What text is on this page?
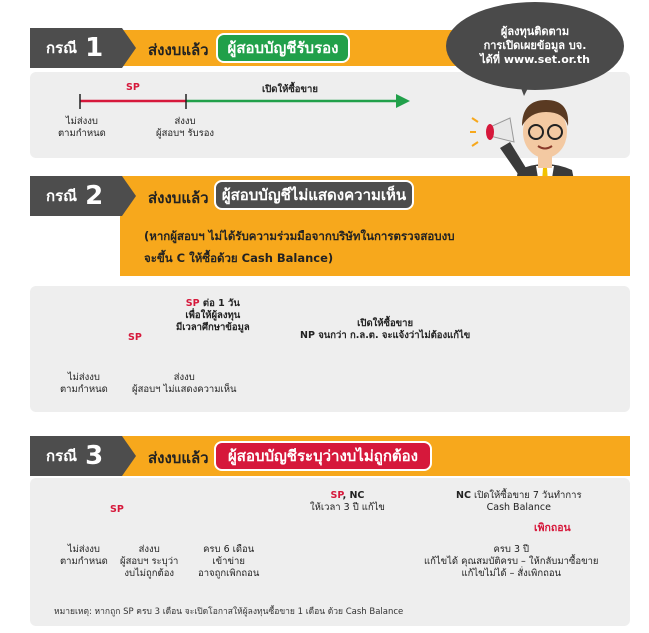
กรณี 1	ส่งงบแล้ว	ผู้สอบบัญชีรับรอง
SP	เปิดให้ซื้อขาย
ไม่ส่งงบ
ตามกำหนด
ส่งงบ
ผู้สอบฯ รับรอง
ผู้ลงทุนติดตาม
การเปิดเผยข้อมูล บจ.
ได้ที่ www.set.or.th
กรณี 2	ส่งงบแล้ว ผู้สอบบัญชีไม่แสดงความเห็น
(หากผู้สอบฯ ไม่ได้รับความร่วมมือจากบริษัทในการตรวจสอบงบ
จะขึ้น C ให้ซื้อด้วย Cash Balance)
SP
SP ต่อ 1 วัน
เพื่อให้ผู้ลงทุน
มีเวลาศึกษาข้อมูล	เปิดให้ซื้อขาย
NP จนกว่า ก.ล.ต. จะแจ้งว่าไม่ต้องแก้ไข
ไม่ส่งงบ
ตามกำหนด
ส่งงบ
ผู้สอบฯ ไม่แสดงความเห็น
กรณี 3	ส่งงบแล้ว	ผู้สอบบัญชีระบุว่างบไม่ถูกต้อง
SP
SP, NC
ให้เวลา 3 ปี แก้ไข
NC เปิดให้ซื้อขาย 7 วันทำการ
Cash Balance
เพิกถอน
ไม่ส่งงบ
ตามกำหนด
ส่งงบ
ผู้สอบฯ ระบุว่า
งบไม่ถูกต้อง
ครบ 6 เดือน
เข้าข่าย
อาจถูกเพิกถอน
ครบ 3 ปี
แก้ไขได้ คุณสมบัติครบ – ให้กลับมาซื้อขาย
แก้ไขไม่ได้ – สั่งเพิกถอน
หมายเหตุ: หากถูก SP ครบ 3 เดือน จะเปิดโอกาสให้ผู้ลงทุนซื้อขาย 1 เดือน ด้วย Cash Balance
